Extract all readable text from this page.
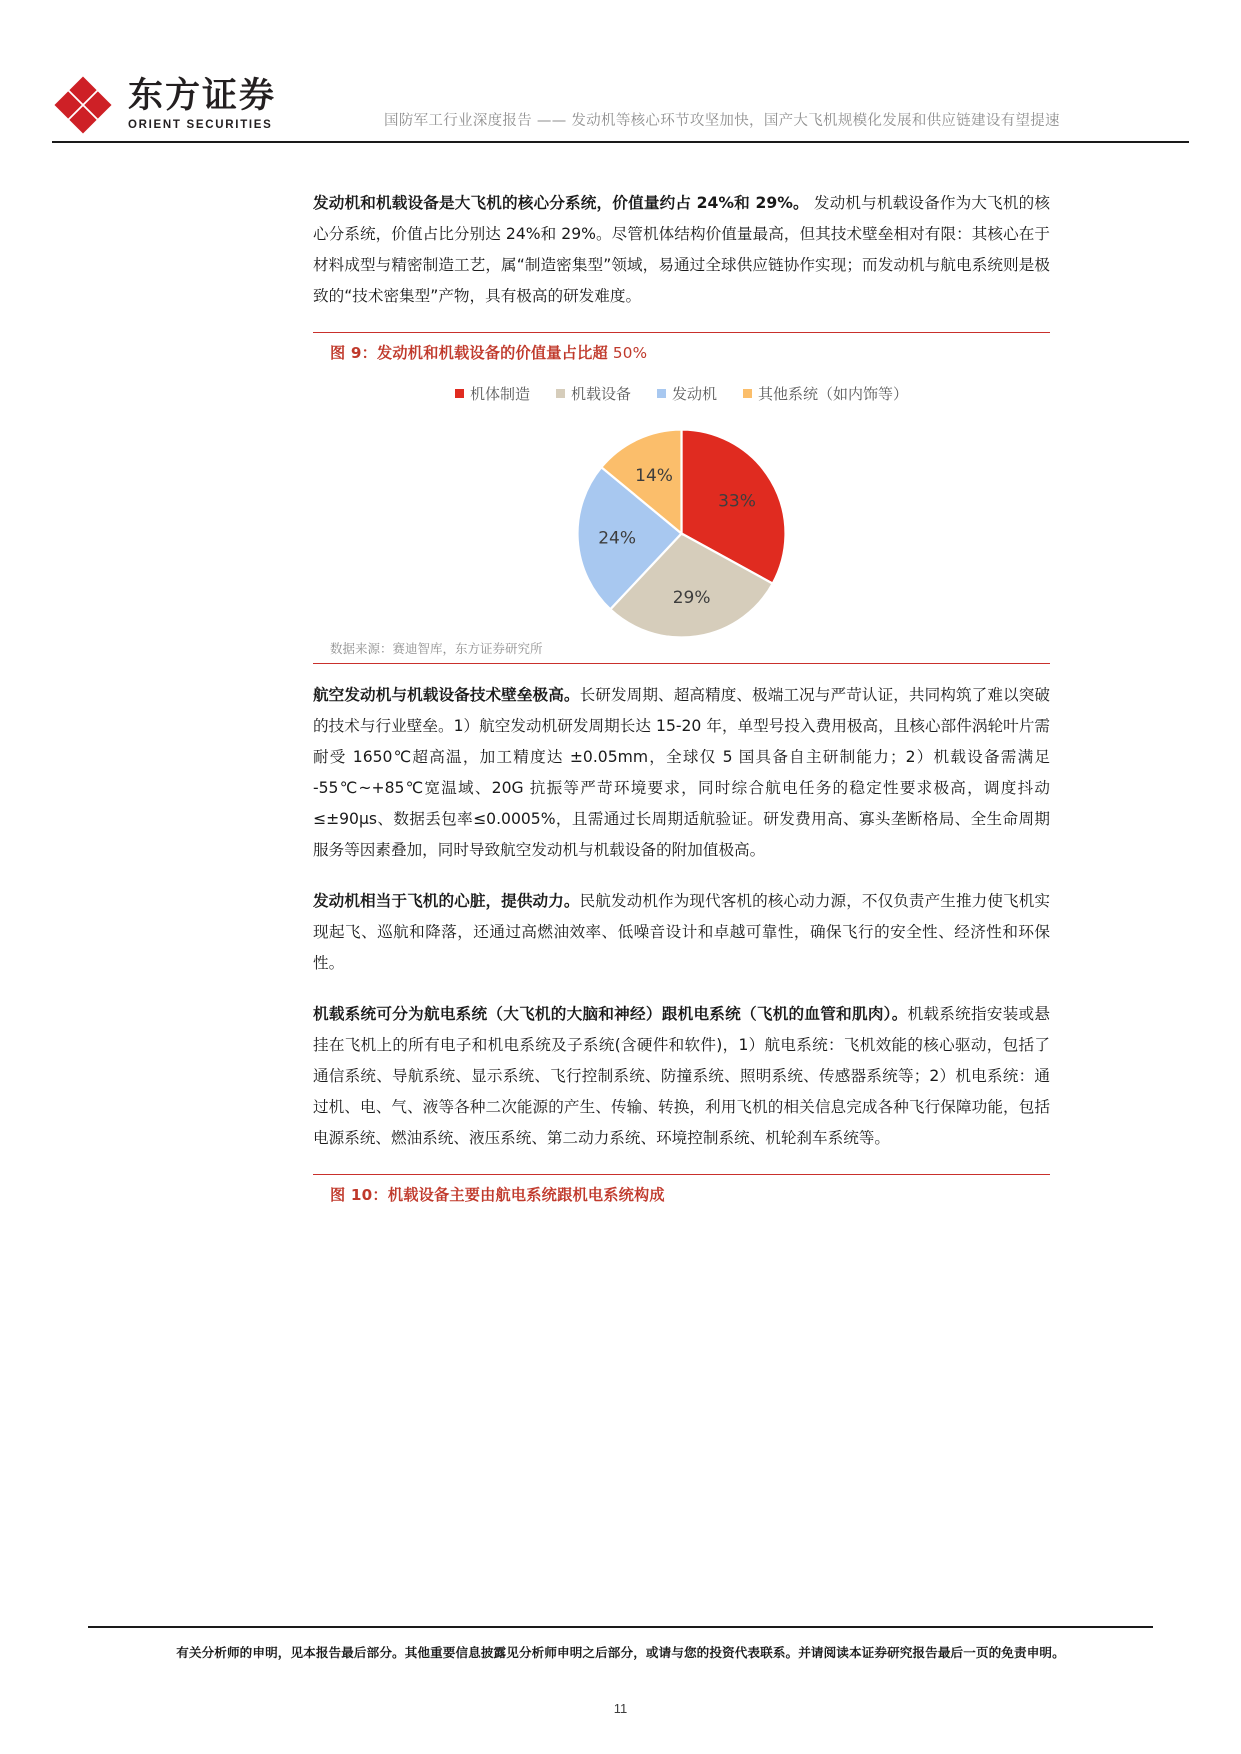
东方证券
ORIENT SECURITIES	国防军工行业深度报告 —— 发动机等核心环节攻坚加快，国产大飞机规模化发展和供应链建设有望提速

发动机和机载设备是大飞机的核心分系统，价值量约占 24%和 29%。 发动机与机载设备作为大飞机的核心分系统，价值占比分别达 24%和 29%。尽管机体结构价值量最高，但其技术壁垒相对有限：其核心在于材料成型与精密制造工艺，属“制造密集型”领域，易通过全球供应链协作实现；而发动机与航电系统则是极致的“技术密集型”产物，具有极高的研发难度。

图 9：发动机和机载设备的价值量占比超 50%
机体制造	机载设备	发动机	其他系统（如内饰等）
33%
29%
24%
14%
数据来源：赛迪智库，东方证券研究所

航空发动机与机载设备技术壁垒极高。长研发周期、超高精度、极端工况与严苛认证，共同构筑了难以突破的技术与行业壁垒。1）航空发动机研发周期长达 15-20 年，单型号投入费用极高，且核心部件涡轮叶片需耐受 1650℃超高温，加工精度达 ±0.05mm，全球仅 5 国具备自主研制能力；2）机载设备需满足 -55℃~+85℃宽温域、20G 抗振等严苛环境要求，同时综合航电任务的稳定性要求极高，调度抖动≤±90μs、数据丢包率≤0.0005%，且需通过长周期适航验证。研发费用高、寡头垄断格局、全生命周期服务等因素叠加，同时导致航空发动机与机载设备的附加值极高。

发动机相当于飞机的心脏，提供动力。民航发动机作为现代客机的核心动力源，不仅负责产生推力使飞机实现起飞、巡航和降落，还通过高燃油效率、低噪音设计和卓越可靠性，确保飞行的安全性、经济性和环保性。

机载系统可分为航电系统（大飞机的大脑和神经）跟机电系统（飞机的血管和肌肉）。机载系统指安装或悬挂在飞机上的所有电子和机电系统及子系统(含硬件和软件)，1）航电系统：飞机效能的核心驱动，包括了通信系统、导航系统、显示系统、飞行控制系统、防撞系统、照明系统、传感器系统等；2）机电系统：通过机、电、气、液等各种二次能源的产生、传输、转换，利用飞机的相关信息完成各种飞行保障功能，包括电源系统、燃油系统、液压系统、第二动力系统、环境控制系统、机轮刹车系统等。

图 10：机载设备主要由航电系统跟机电系统构成
有关分析师的申明，见本报告最后部分。其他重要信息披露见分析师申明之后部分，或请与您的投资代表联系。并请阅读本证券研究报告最后一页的免责申明。
11
